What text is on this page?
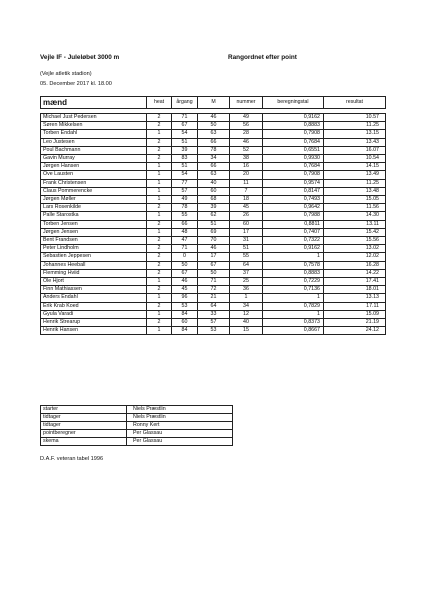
Vejle IF - Juleløbet 3000 m	Rangordnet efter point
(Vejle atletik stadion)
05. December 2017 kl. 18.00
mænd	heat	årgang	M	nummer	beregningstal	resultat

Michael Just Pedersen	2	71	46	49	0,9162	10.57
Søren Mikkelsen	2	67	50	56	0,8883	11.25
Torben Endahl	1	54	63	28	0,7908	13.15
Leo Justesen	2	51	66	46	0,7684	13.43
Poul Bachmann	2	39	78	52	0,6551	16.07
Gavin Murray	2	83	34	38	0,9930	10.54
Jørgen Hansen	1	51	66	16	0,7684	14.15
Ove Lausten	1	54	63	20	0,7908	13.49
Frank Christensen	1	77	40	11	0,9574	11.25
Claus Pommerencke	1	57	60	7	0,8147	13.48
Jørgen Møller	1	49	68	18	0,7493	15.05
Lars Rosenkilde	2	78	39	45	0,9642	11.56
Palle Starostka	1	55	62	26	0,7988	14.30
Torben Jensen	2	66	51	60	0,8811	13.11
Jørgen Jensen	1	48	69	17	0,7407	15.42
Bent Frandsen	2	47	70	31	0,7322	15.56
Peter Lindholm	2	71	46	51	0,9162	13.02
Sebastien Jeppesen	2	0	17	55	1	12.02
Johannes Heeball	2	50	67	64	0,7578	16.28
Flemming Hviid	2	67	50	37	0,8883	14.22
Ole Hjort	1	46	71	25	0,7229	17.41
Finn Mathiassen	2	45	72	36	0,7136	18.01
Anders Endahl	1	96	21	1	1	13.13
Erik Krab Koed	2	53	64	34	0,7829	17.11
Gyula Varadi	1	84	33	12	1	15.09
Henrik Strearup	2	60	57	40	0,8373	21.19
Henrik Hansen	1	84	53	15	0,8667	24.12
starter	Niels Præstlin
tidtager	Niels Præstlin
tidtager	Ronny Kert
pointberegner	Per Glassau
skema	Per Glassau
D.A.F. veteran tabel 1996
